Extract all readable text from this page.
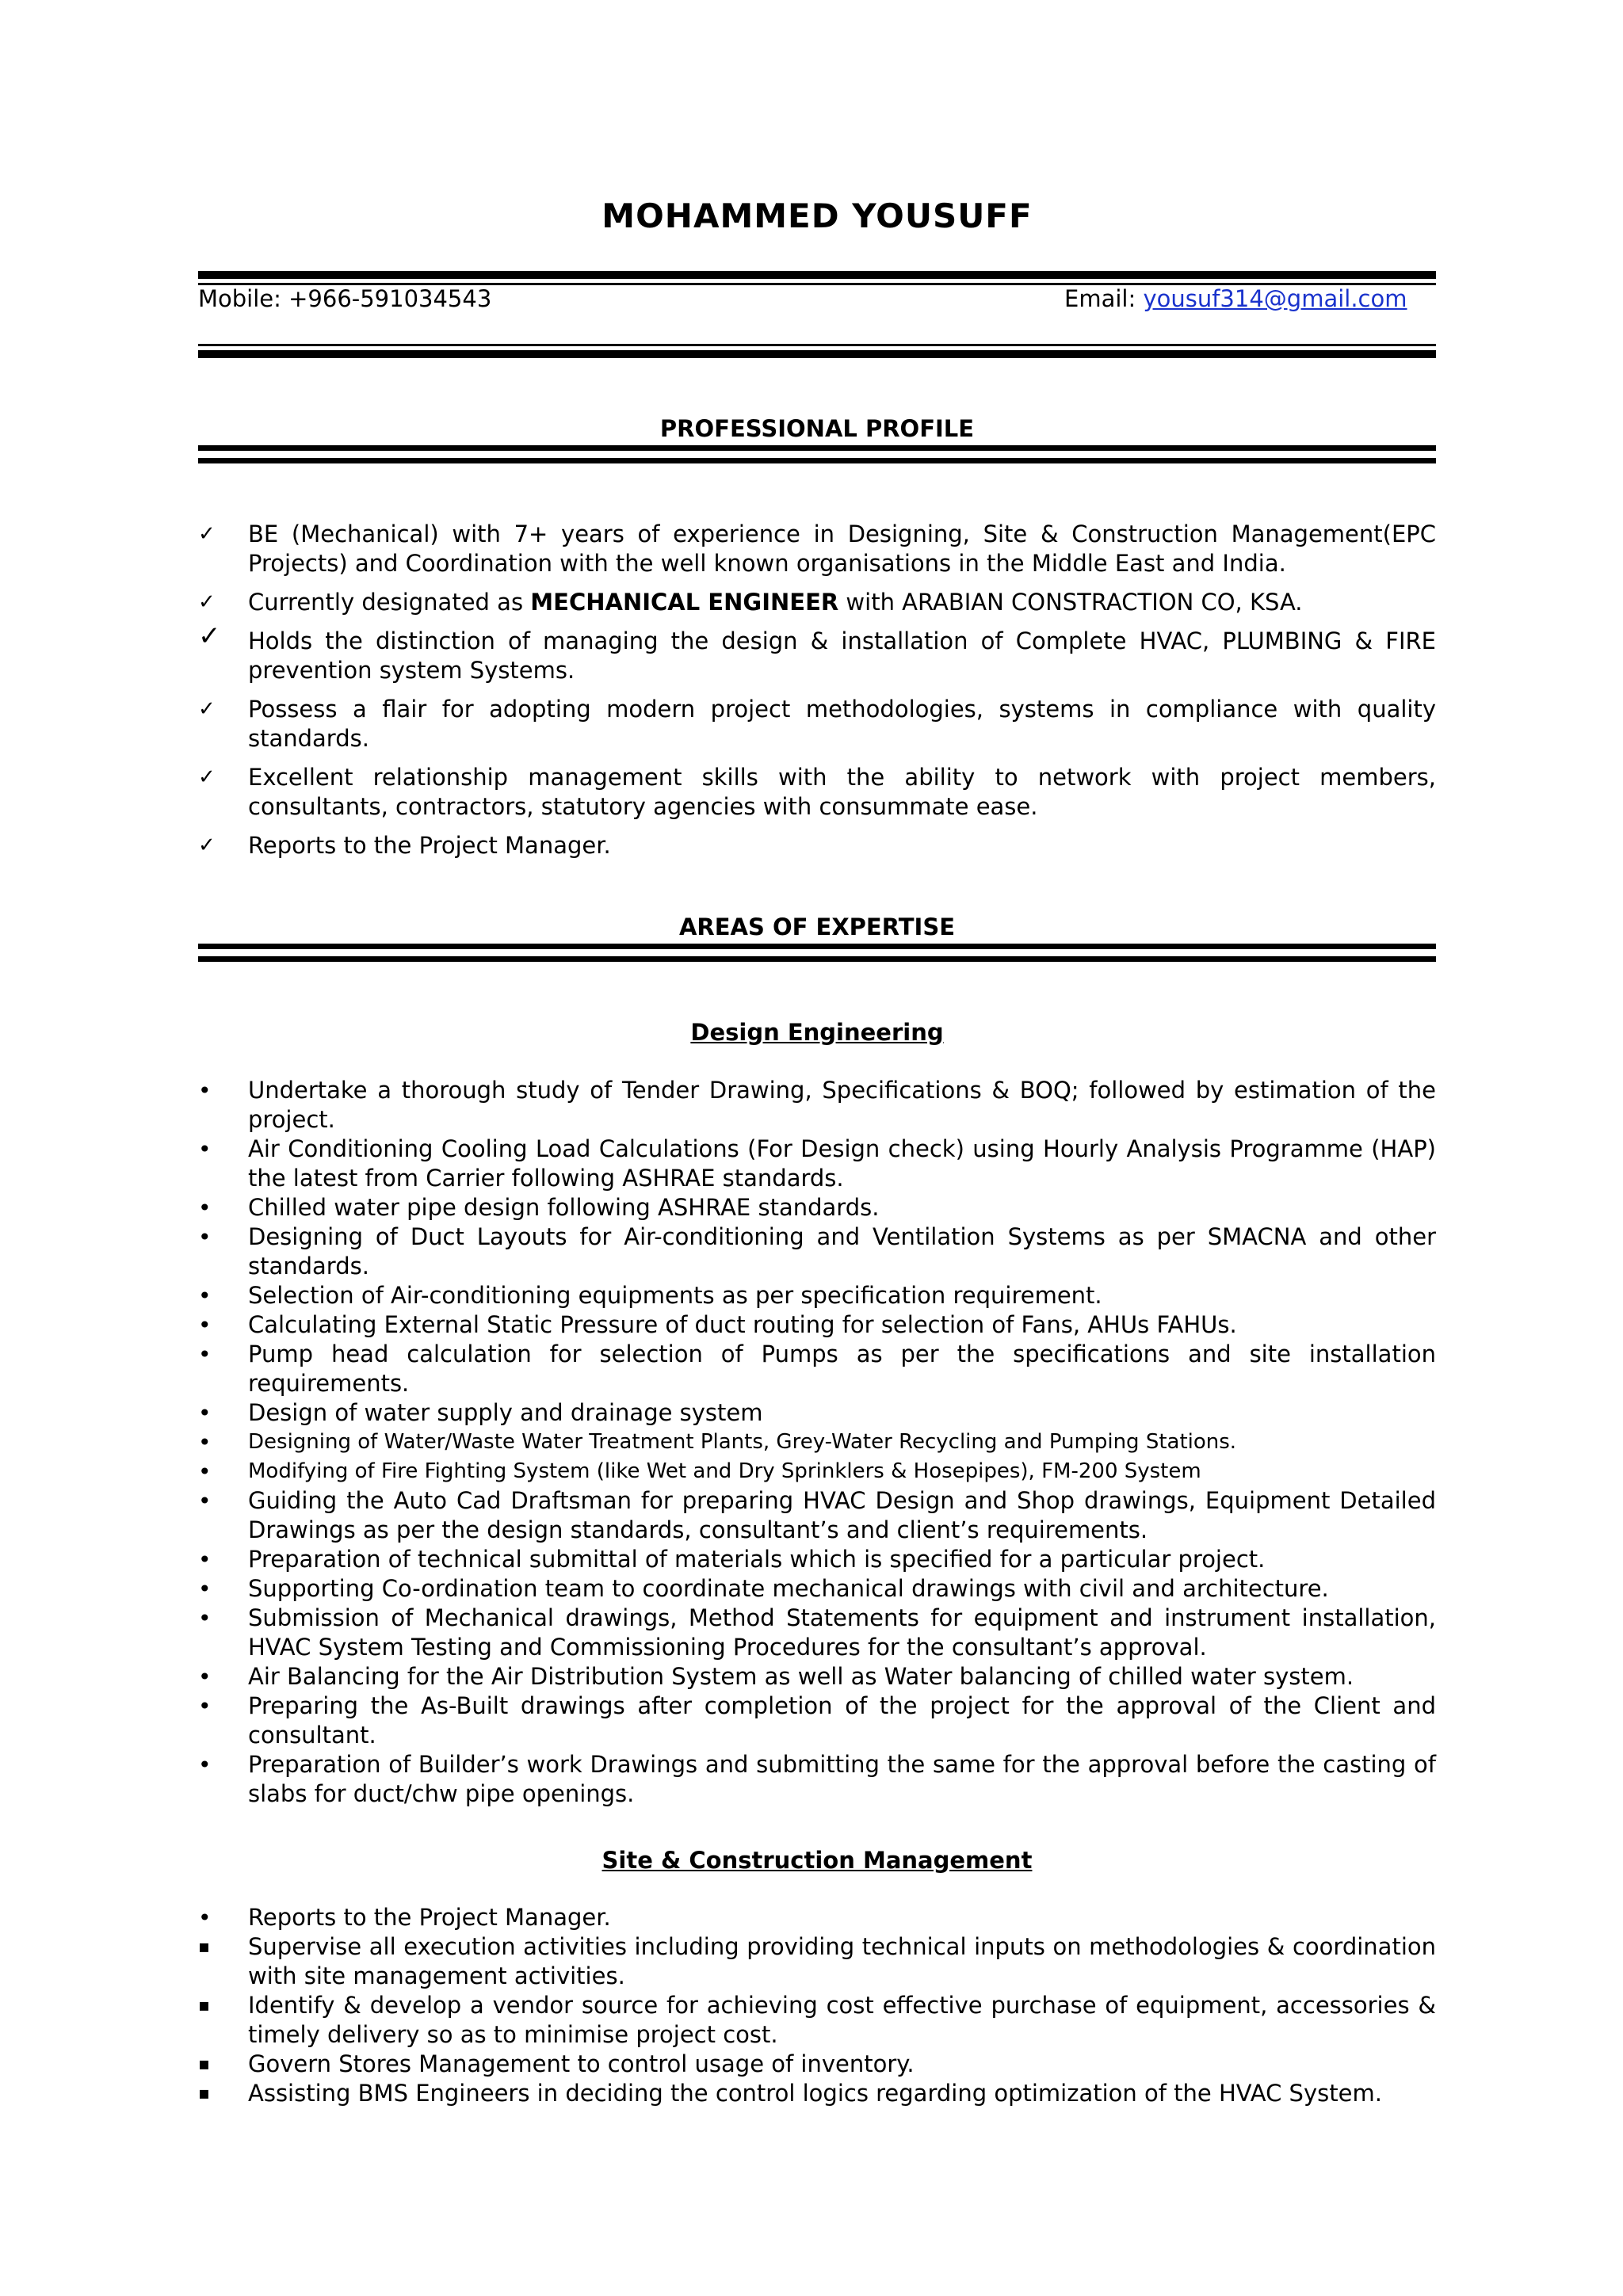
MOHAMMED YOUSUFF
Mobile: +966-591034543	Email: yousuf314@gmail.com
PROFESSIONAL PROFILE
✓ BE (Mechanical) with 7+ years of experience in Designing, Site & Construction Management(EPC Projects) and Coordination with the well known organisations in the Middle East and India.
✓ Currently designated as MECHANICAL ENGINEER with ARABIAN CONSTRACTION CO, KSA.
✓ Holds the distinction of managing the design & installation of Complete HVAC, PLUMBING & FIRE prevention system Systems.
✓ Possess a flair for adopting modern project methodologies, systems in compliance with quality standards.
✓ Excellent relationship management skills with the ability to network with project members, consultants, contractors, statutory agencies with consummate ease.
✓ Reports to the Project Manager.
AREAS OF EXPERTISE
Design Engineering
•	Undertake a thorough study of Tender Drawing, Specifications & BOQ; followed by estimation of the project.
•	Air Conditioning Cooling Load Calculations (For Design check) using Hourly Analysis Programme (HAP) the latest from Carrier following ASHRAE standards.
•	Chilled water pipe design following ASHRAE standards.
•	Designing of Duct Layouts for Air-conditioning and Ventilation Systems as per SMACNA and other standards.
•	Selection of Air-conditioning equipments as per specification requirement.
•	Calculating External Static Pressure of duct routing for selection of Fans, AHUs FAHUs.
•	Pump head calculation for selection of Pumps as per the specifications and site installation requirements.
•	Design of water supply and drainage system
•	Designing of Water/Waste Water Treatment Plants, Grey-Water Recycling and Pumping Stations.
•	Modifying of Fire Fighting System (like Wet and Dry Sprinklers & Hosepipes), FM-200 System
•	Guiding the Auto Cad Draftsman for preparing HVAC Design and Shop drawings, Equipment Detailed Drawings as per the design standards, consultant’s and client’s requirements.
•	Preparation of technical submittal of materials which is specified for a particular project.
•	Supporting Co-ordination team to coordinate mechanical drawings with civil and architecture.
•	Submission of Mechanical drawings, Method Statements for equipment and instrument installation, HVAC System Testing and Commissioning Procedures for the consultant’s approval.
•	Air Balancing for the Air Distribution System as well as Water balancing of chilled water system.
•	Preparing the As-Built drawings after completion of the project for the approval of the Client and consultant.
•	Preparation of Builder’s work Drawings and submitting the same for the approval before the casting of slabs for duct/chw pipe openings.
Site & Construction Management
•	Reports to the Project Manager.
▪	Supervise all execution activities including providing technical inputs on methodologies & coordination with site management activities.
▪	Identify & develop a vendor source for achieving cost effective purchase of equipment, accessories & timely delivery so as to minimise project cost.
▪	Govern Stores Management to control usage of inventory.
▪	Assisting BMS Engineers in deciding the control logics regarding optimization of the HVAC System.
